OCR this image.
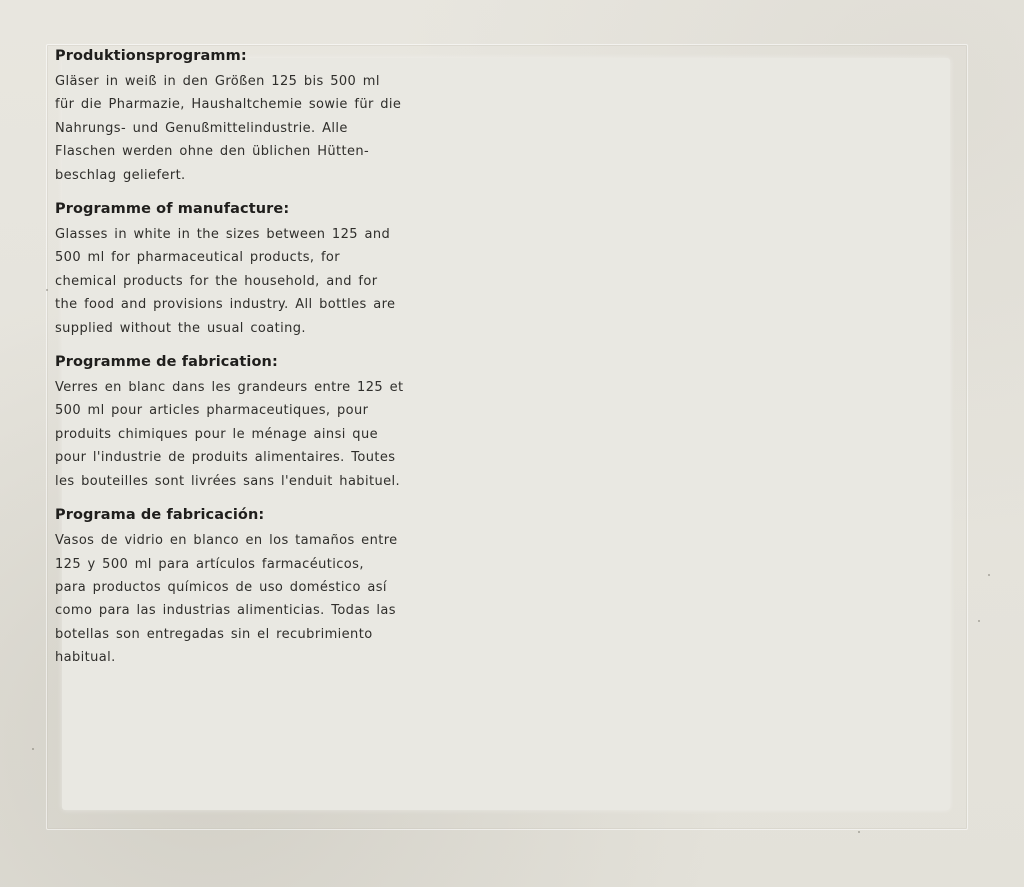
Produktionsprogramm:
Gläser in weiß in den Größen 125 bis 500 ml
für die Pharmazie, Haushaltchemie sowie für die
Nahrungs- und Genußmittelindustrie. Alle
Flaschen werden ohne den üblichen Hütten-
beschlag geliefert.
Programme of manufacture:
Glasses in white in the sizes between 125 and
500 ml for pharmaceutical products, for
chemical products for the household, and for
the food and provisions industry. All bottles are
supplied without the usual coating.
Programme de fabrication:
Verres en blanc dans les grandeurs entre 125 et
500 ml pour articles pharmaceutiques, pour
produits chimiques pour le ménage ainsi que
pour l'industrie de produits alimentaires. Toutes
les bouteilles sont livrées sans l'enduit habituel.
Programa de fabricación:
Vasos de vidrio en blanco en los tamaños entre
125 y 500 ml para artículos farmacéuticos,
para productos químicos de uso doméstico así
como para las industrias alimenticias. Todas las
botellas son entregadas sin el recubrimiento
habitual.
